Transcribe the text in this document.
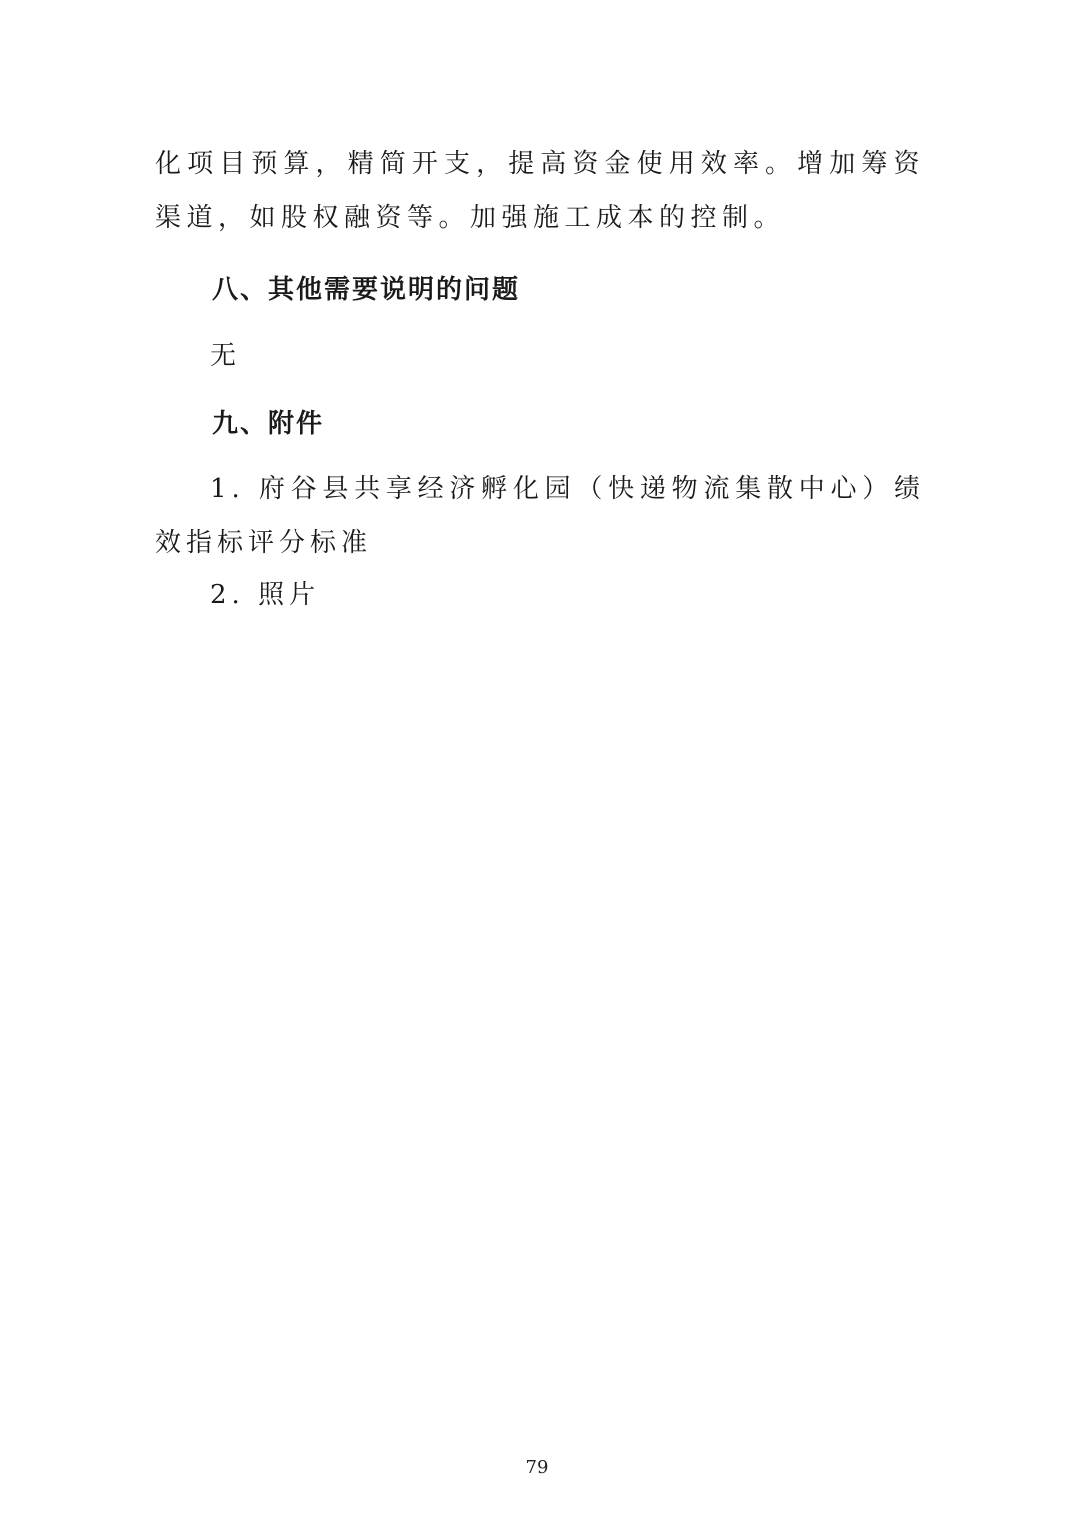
化项目预算，精简开支，提高资金使用效率。增加筹资渠道，如股权融资等。加强施工成本的控制。

八、其他需要说明的问题
无
九、附件

1. 府谷县共享经济孵化园（快递物流集散中心）绩效指标评分标准

2. 照片
79
